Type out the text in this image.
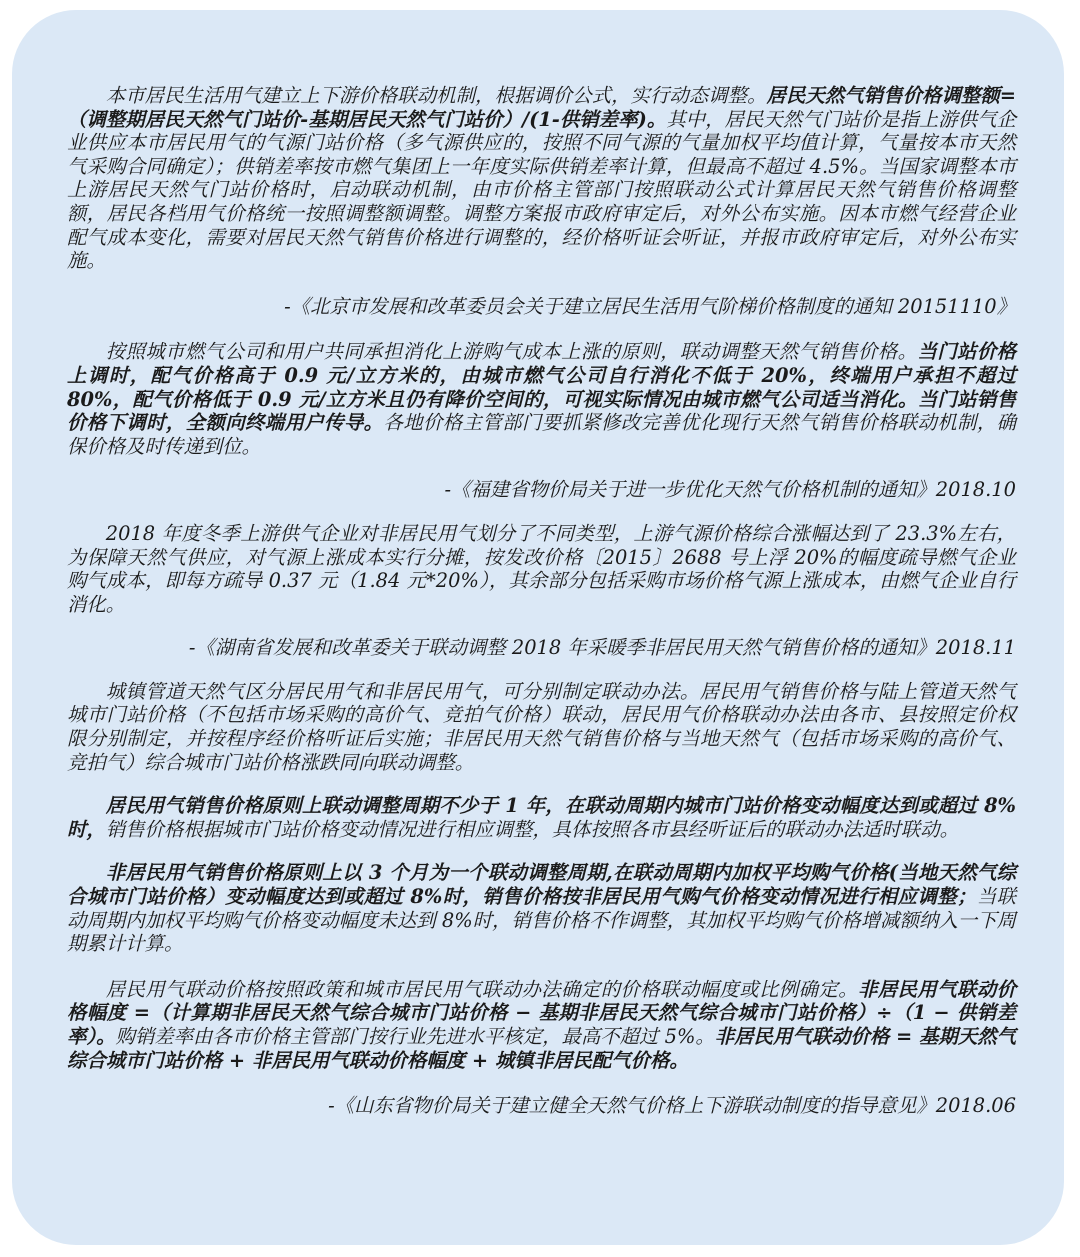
本市居民生活用气建立上下游价格联动机制，根据调价公式，实行动态调整。居民天然气销售价格调整额=（调整期居民天然气门站价-基期居民天然气门站价）/(1-供销差率)。其中，居民天然气门站价是指上游供气企业供应本市居民用气的气源门站价格（多气源供应的，按照不同气源的气量加权平均值计算，气量按本市天然气采购合同确定）；供销差率按市燃气集团上一年度实际供销差率计算，但最高不超过 4.5%。当国家调整本市上游居民天然气门站价格时，启动联动机制，由市价格主管部门按照联动公式计算居民天然气销售价格调整额，居民各档用气价格统一按照调整额调整。调整方案报市政府审定后，对外公布实施。因本市燃气经营企业配气成本变化，需要对居民天然气销售价格进行调整的，经价格听证会听证，并报市政府审定后，对外公布实施。

-《北京市发展和改革委员会关于建立居民生活用气阶梯价格制度的通知 20151110》

按照城市燃气公司和用户共同承担消化上游购气成本上涨的原则，联动调整天然气销售价格。当门站价格上调时，配气价格高于 0.9 元/立方米的，由城市燃气公司自行消化不低于 20%，终端用户承担不超过 80%，配气价格低于 0.9 元/立方米且仍有降价空间的，可视实际情况由城市燃气公司适当消化。当门站销售价格下调时，全额向终端用户传导。各地价格主管部门要抓紧修改完善优化现行天然气销售价格联动机制，确保价格及时传递到位。

-《福建省物价局关于进一步优化天然气价格机制的通知》2018.10

2018 年度冬季上游供气企业对非居民用气划分了不同类型，上游气源价格综合涨幅达到了 23.3%左右，为保障天然气供应，对气源上涨成本实行分摊，按发改价格〔2015〕2688 号上浮 20%的幅度疏导燃气企业购气成本，即每方疏导 0.37 元（1.84 元*20%），其余部分包括采购市场价格气源上涨成本，由燃气企业自行消化。

-《湖南省发展和改革委关于联动调整 2018 年采暖季非居民用天然气销售价格的通知》2018.11

城镇管道天然气区分居民用气和非居民用气，可分别制定联动办法。居民用气销售价格与陆上管道天然气城市门站价格（不包括市场采购的高价气、竞拍气价格）联动，居民用气价格联动办法由各市、县按照定价权限分别制定，并按程序经价格听证后实施；非居民用天然气销售价格与当地天然气（包括市场采购的高价气、竞拍气）综合城市门站价格涨跌同向联动调整。

居民用气销售价格原则上联动调整周期不少于 1 年，在联动周期内城市门站价格变动幅度达到或超过 8%时，销售价格根据城市门站价格变动情况进行相应调整，具体按照各市县经听证后的联动办法适时联动。

非居民用气销售价格原则上以 3 个月为一个联动调整周期,在联动周期内加权平均购气价格(当地天然气综合城市门站价格）变动幅度达到或超过 8%时，销售价格按非居民用气购气价格变动情况进行相应调整；当联动周期内加权平均购气价格变动幅度未达到 8%时，销售价格不作调整，其加权平均购气价格增减额纳入一下周期累计计算。

居民用气联动价格按照政策和城市居民用气联动办法确定的价格联动幅度或比例确定。非居民用气联动价格幅度 =（计算期非居民天然气综合城市门站价格 − 基期非居民天然气综合城市门站价格）÷（1 − 供销差率）。购销差率由各市价格主管部门按行业先进水平核定，最高不超过 5%。非居民用气联动价格 = 基期天然气综合城市门站价格 + 非居民用气联动价格幅度 + 城镇非居民配气价格。

-《山东省物价局关于建立健全天然气价格上下游联动制度的指导意见》2018.06
